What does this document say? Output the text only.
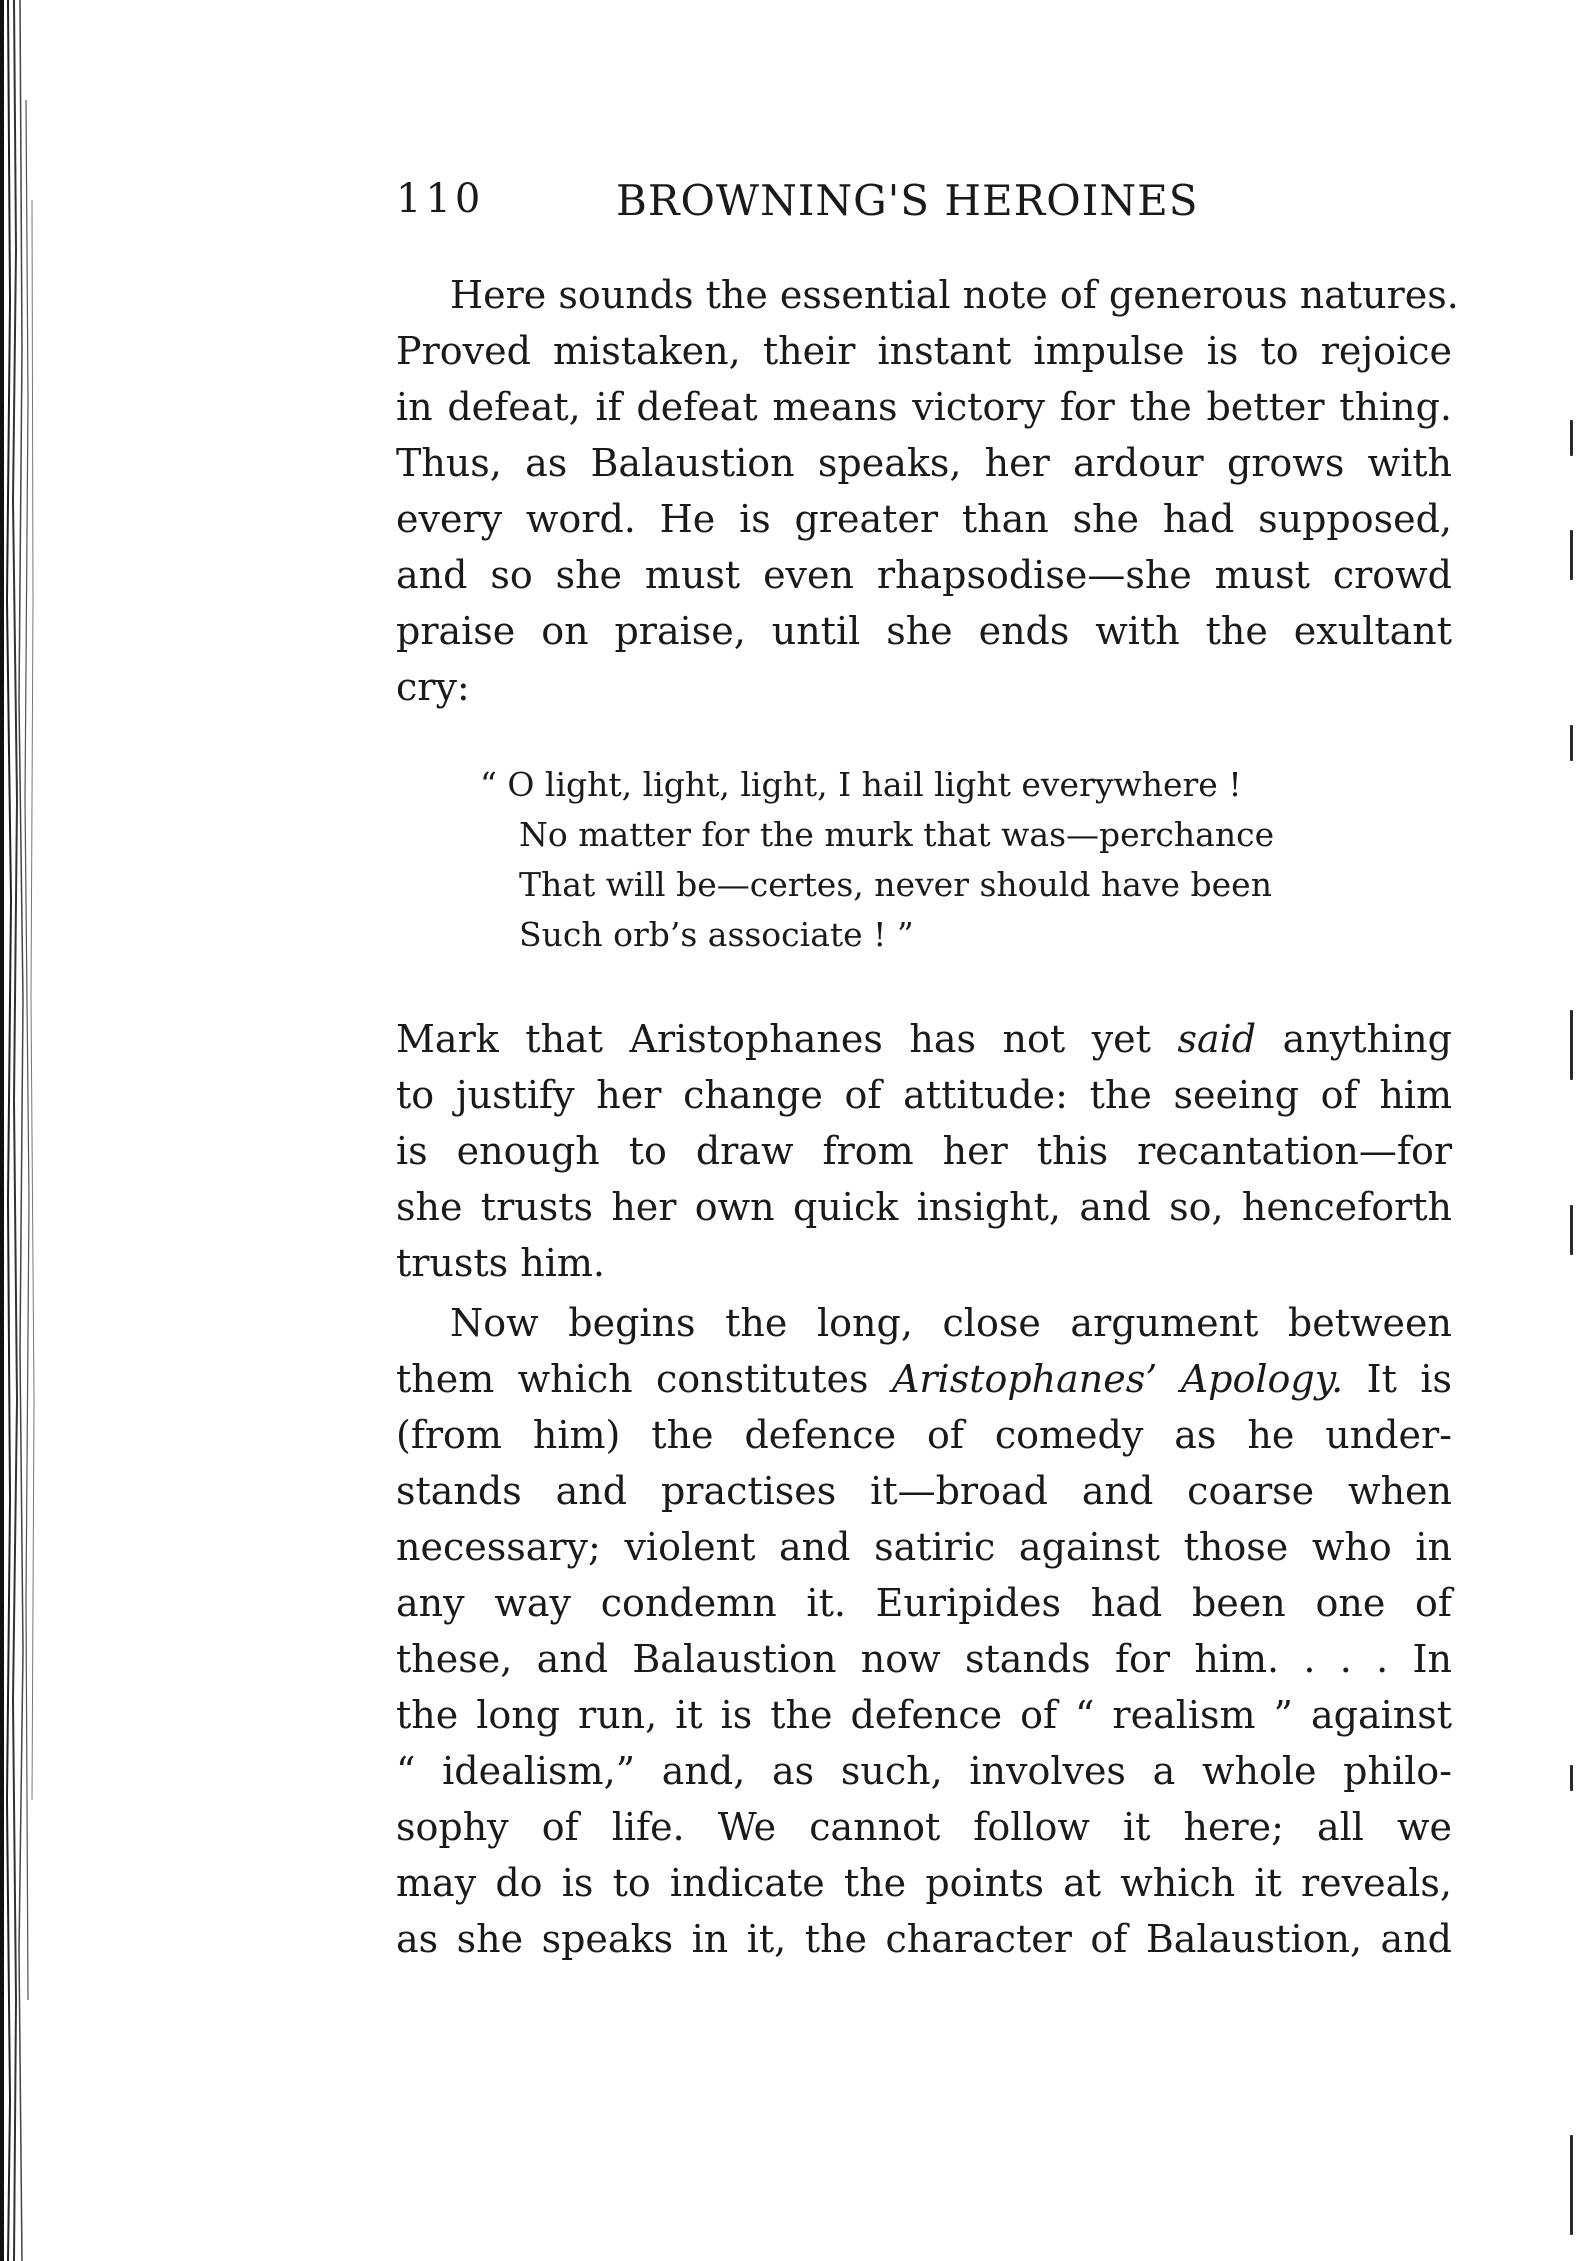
110	BROWNING'S HEROINES
Here sounds the essential note of generous natures.
Proved mistaken, their instant impulse is to rejoice
in defeat, if defeat means victory for the better thing.
Thus, as Balaustion speaks, her ardour grows with
every word. He is greater than she had supposed,
and so she must even rhapsodise—she must crowd
praise on praise, until she ends with the exultant
cry:
“ O light, light, light, I hail light everywhere !
No matter for the murk that was—perchance
That will be—certes, never should have been
Such orb’s associate ! ”
Mark that Aristophanes has not yet said anything
to justify her change of attitude: the seeing of him
is enough to draw from her this recantation—for
she trusts her own quick insight, and so, henceforth
trusts him.
Now begins the long, close argument between
them which constitutes Aristophanes’ Apology. It is
(from him) the defence of comedy as he under-
stands and practises it—broad and coarse when
necessary; violent and satiric against those who in
any way condemn it. Euripides had been one of
these, and Balaustion now stands for him. . . . In
the long run, it is the defence of “ realism ” against
“ idealism,” and, as such, involves a whole philo-
sophy of life. We cannot follow it here; all we
may do is to indicate the points at which it reveals,
as she speaks in it, the character of Balaustion, and
